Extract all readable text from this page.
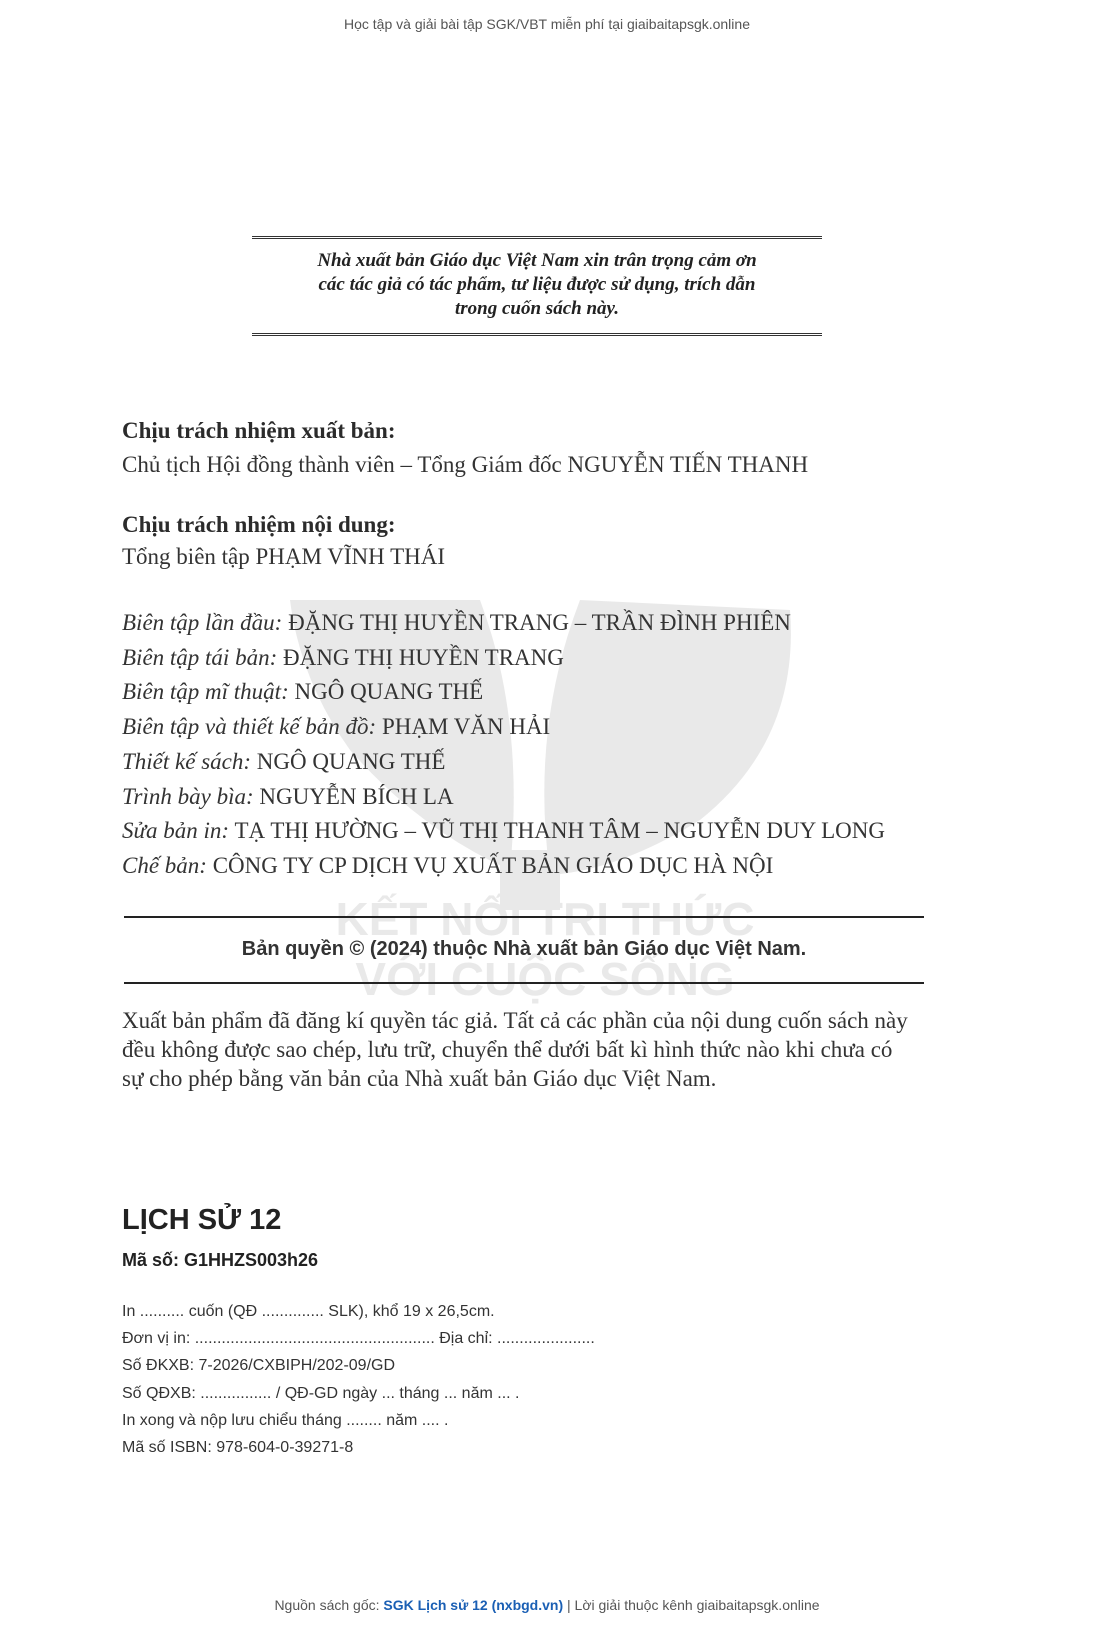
Học tập và giải bài tập SGK/VBT miễn phí tại giaibaitapsgk.online
Nhà xuất bản Giáo dục Việt Nam xin trân trọng cảm ơn
các tác giả có tác phẩm, tư liệu được sử dụng, trích dẫn
trong cuốn sách này.
KẾT NỐI TRI THỨC
VỚI CUỘC SỐNG
Chịu trách nhiệm xuất bản:
Chủ tịch Hội đồng thành viên – Tổng Giám đốc NGUYỄN TIẾN THANH
Chịu trách nhiệm nội dung:
Tổng biên tập PHẠM VĨNH THÁI
Biên tập lần đầu: ĐẶNG THỊ HUYỀN TRANG – TRẦN ĐÌNH PHIÊN
Biên tập tái bản: ĐẶNG THỊ HUYỀN TRANG
Biên tập mĩ thuật: NGÔ QUANG THẾ
Biên tập và thiết kế bản đồ: PHẠM VĂN HẢI
Thiết kế sách: NGÔ QUANG THẾ
Trình bày bìa: NGUYỄN BÍCH LA
Sửa bản in: TẠ THỊ HƯỜNG – VŨ THỊ THANH TÂM – NGUYỄN DUY LONG
Chế bản: CÔNG TY CP DỊCH VỤ XUẤT BẢN GIÁO DỤC HÀ NỘI
Bản quyền © (2024) thuộc Nhà xuất bản Giáo dục Việt Nam.
Xuất bản phẩm đã đăng kí quyền tác giả. Tất cả các phần của nội dung cuốn sách này
đều không được sao chép, lưu trữ, chuyển thể dưới bất kì hình thức nào khi chưa có
sự cho phép bằng văn bản của Nhà xuất bản Giáo dục Việt Nam.
LỊCH SỬ 12
Mã số: G1HHZS003h26
In .......... cuốn (QĐ .............. SLK), khổ 19 x 26,5cm.
Đơn vị in: ...................................................... Địa chỉ: ......................
Số ĐKXB: 7-2026/CXBIPH/202-09/GD
Số QĐXB: ................ / QĐ-GD ngày ... tháng ... năm ... .
In xong và nộp lưu chiểu tháng ........ năm .... .
Mã số ISBN: 978-604-0-39271-8
Nguồn sách gốc: SGK Lịch sử 12 (nxbgd.vn) | Lời giải thuộc kênh giaibaitapsgk.online
